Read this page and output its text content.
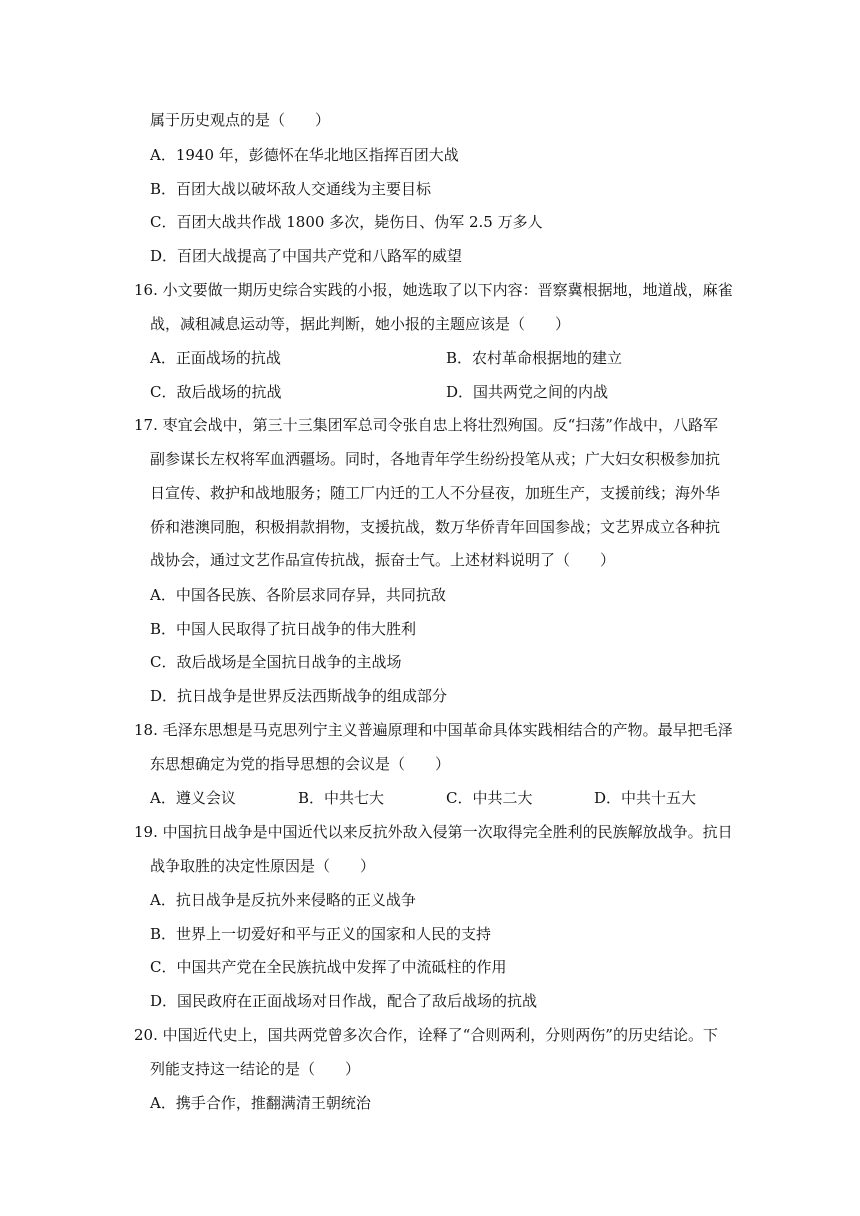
属于历史观点的是（　　）
A．1940 年，彭德怀在华北地区指挥百团大战
B．百团大战以破坏敌人交通线为主要目标
C．百团大战共作战 1800 多次，毙伤日、伪军 2.5 万多人
D．百团大战提高了中国共产党和八路军的威望
16. 小文要做一期历史综合实践的小报，她选取了以下内容：晋察冀根据地，地道战，麻雀
战，减租减息运动等，据此判断，她小报的主题应该是（　　）
A．正面战场的抗战	B．农村革命根据地的建立
C．敌后战场的抗战	D．国共两党之间的内战
17. 枣宜会战中，第三十三集团军总司令张自忠上将壮烈殉国。反“扫荡”作战中，八路军
副参谋长左权将军血洒疆场。同时，各地青年学生纷纷投笔从戎；广大妇女积极参加抗
日宣传、救护和战地服务；随工厂内迁的工人不分昼夜，加班生产，支援前线；海外华
侨和港澳同胞，积极捐款捐物，支援抗战，数万华侨青年回国参战；文艺界成立各种抗
战协会，通过文艺作品宣传抗战，振奋士气。上述材料说明了（　　）
A．中国各民族、各阶层求同存异，共同抗敌
B．中国人民取得了抗日战争的伟大胜利
C．敌后战场是全国抗日战争的主战场
D．抗日战争是世界反法西斯战争的组成部分
18. 毛泽东思想是马克思列宁主义普遍原理和中国革命具体实践相结合的产物。最早把毛泽
东思想确定为党的指导思想的会议是（　　）
A．遵义会议	B．中共七大	C．中共二大	D．中共十五大
19. 中国抗日战争是中国近代以来反抗外敌入侵第一次取得完全胜利的民族解放战争。抗日
战争取胜的决定性原因是（　　）
A．抗日战争是反抗外来侵略的正义战争
B．世界上一切爱好和平与正义的国家和人民的支持
C．中国共产党在全民族抗战中发挥了中流砥柱的作用
D．国民政府在正面战场对日作战，配合了敌后战场的抗战
20. 中国近代史上，国共两党曾多次合作，诠释了“合则两利，分则两伤”的历史结论。下
列能支持这一结论的是（　　）
A．携手合作，推翻满清王朝统治
